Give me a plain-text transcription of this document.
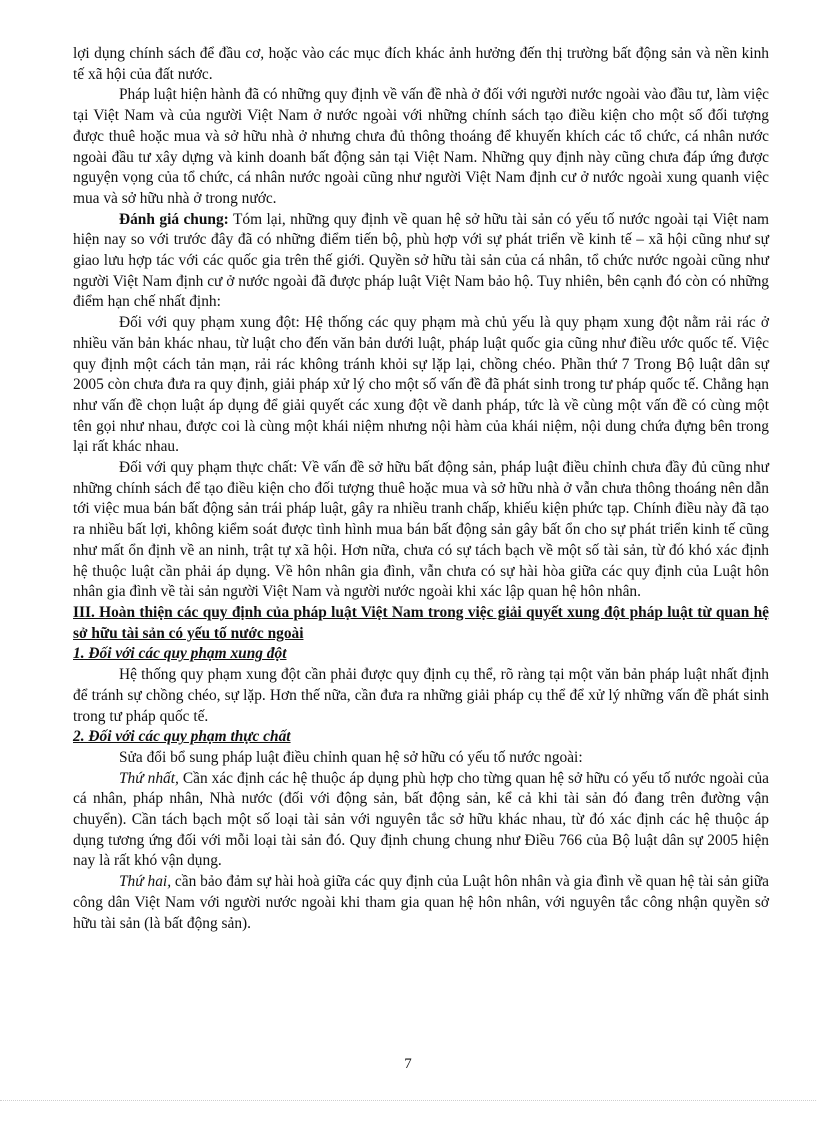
lợi dụng chính sách để đầu cơ, hoặc vào các mục đích khác ảnh hưởng đến thị trường bất động sản và nền kinh tế xã hội của đất nước.

Pháp luật hiện hành đã có những quy định về vấn đề nhà ở đối với người nước ngoài vào đầu tư, làm việc tại Việt Nam và của người Việt Nam ở nước ngoài với những chính sách tạo điều kiện cho một số đối tượng được thuê hoặc mua và sở hữu nhà ở nhưng chưa đủ thông thoáng để khuyến khích các tổ chức, cá nhân nước ngoài đầu tư xây dựng và kinh doanh bất động sản tại Việt Nam. Những quy định này cũng chưa đáp ứng được nguyện vọng của tổ chức, cá nhân nước ngoài cũng như người Việt Nam định cư ở nước ngoài xung quanh việc mua và sở hữu nhà ở trong nước.

Đánh giá chung: Tóm lại, những quy định về quan hệ sở hữu tài sản có yếu tố nước ngoài tại Việt nam hiện nay so với trước đây đã có những điểm tiến bộ, phù hợp với sự phát triển về kinh tế – xã hội cũng như sự giao lưu hợp tác với các quốc gia trên thế giới. Quyền sở hữu tài sản của cá nhân, tổ chức nước ngoài cũng như người Việt Nam định cư ở nước ngoài đã được pháp luật Việt Nam bảo hộ. Tuy nhiên, bên cạnh đó còn có những điểm hạn chế nhất định:

Đối với quy phạm xung đột: Hệ thống các quy phạm mà chủ yếu là quy phạm xung đột nằm rải rác ở nhiều văn bản khác nhau, từ luật cho đến văn bản dưới luật, pháp luật quốc gia cũng như điều ước quốc tế. Việc quy định một cách tản mạn, rải rác không tránh khỏi sự lặp lại, chồng chéo. Phần thứ 7 Trong Bộ luật dân sự 2005 còn chưa đưa ra quy định, giải pháp xử lý cho một số vấn đề đã phát sinh trong tư pháp quốc tế. Chẳng hạn như vấn đề chọn luật áp dụng để giải quyết các xung đột về danh pháp, tức là về cùng một vấn đề có cùng một tên gọi như nhau, được coi là cùng một khái niệm nhưng nội hàm của khái niệm, nội dung chứa đựng bên trong lại rất khác nhau.

Đối với quy phạm thực chất: Về vấn đề sở hữu bất động sản, pháp luật điều chỉnh chưa đầy đủ cũng như những chính sách để tạo điều kiện cho đối tượng thuê hoặc mua và sở hữu nhà ở vẫn chưa thông thoáng nên dẫn tới việc mua bán bất động sản trái pháp luật, gây ra nhiều tranh chấp, khiếu kiện phức tạp. Chính điều này đã tạo ra nhiều bất lợi, không kiểm soát được tình hình mua bán bất động sản gây bất ổn cho sự phát triển kinh tế cũng như mất ổn định về an ninh, trật tự xã hội. Hơn nữa, chưa có sự tách bạch về một số tài sản, từ đó khó xác định hệ thuộc luật cần phải áp dụng. Về hôn nhân gia đình, vẫn chưa có sự hài hòa giữa các quy định của Luật hôn nhân gia đình về tài sản người Việt Nam và người nước ngoài khi xác lập quan hệ hôn nhân.

III. Hoàn thiện các quy định của pháp luật Việt Nam trong việc giải quyết xung đột pháp luật từ quan hệ sở hữu tài sản có yếu tố nước ngoài
1. Đối với các quy phạm xung đột

Hệ thống quy phạm xung đột cần phải được quy định cụ thể, rõ ràng tại một văn bản pháp luật nhất định để tránh sự chồng chéo, sự lặp. Hơn thế nữa, cần đưa ra những giải pháp cụ thể để xử lý những vấn đề phát sinh trong tư pháp quốc tế.

2. Đối với các quy phạm thực chất

Sửa đổi bổ sung pháp luật điều chỉnh quan hệ sở hữu có yếu tố nước ngoài:

Thứ nhất, Cần xác định các hệ thuộc áp dụng phù hợp cho từng quan hệ sở hữu có yếu tố nước ngoài của cá nhân, pháp nhân, Nhà nước (đối với động sản, bất động sản, kể cả khi tài sản đó đang trên đường vận chuyển). Cần tách bạch một số loại tài sản với nguyên tắc sở hữu khác nhau, từ đó xác định các hệ thuộc áp dụng tương ứng đối với mỗi loại tài sản đó. Quy định chung chung như Điều 766 của Bộ luật dân sự 2005 hiện nay là rất khó vận dụng.

Thứ hai, cần bảo đảm sự hài hoà giữa các quy định của Luật hôn nhân và gia đình về quan hệ tài sản giữa công dân Việt Nam với người nước ngoài khi tham gia quan hệ hôn nhân, với nguyên tắc công nhận quyền sở hữu tài sản (là bất động sản).

7
